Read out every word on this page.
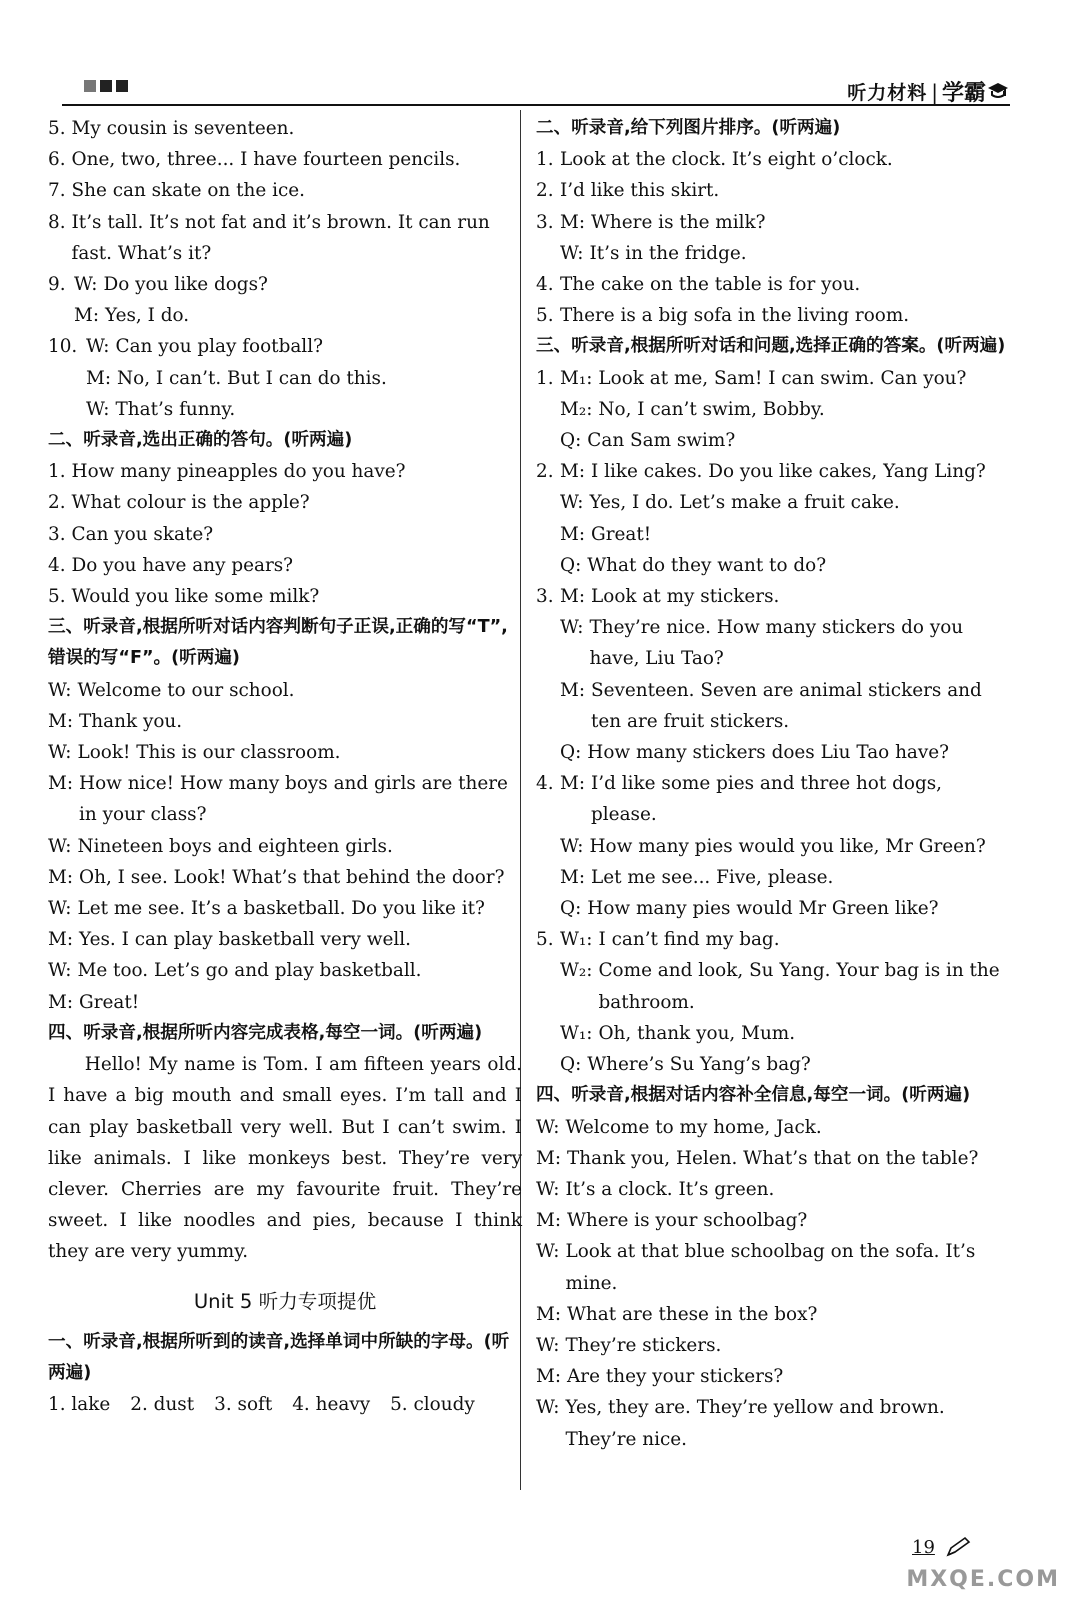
听力材料 | 学霸
5. My cousin is seventeen.
6. One, two, three... I have fourteen pencils.
7. She can skate on the ice.
8. It’s tall. It’s not fat and it’s brown. It can run fast. What’s it?
9. W: Do you like dogs?
M: Yes, I do.
10. W: Can you play football?
M: No, I can’t. But I can do this.
W: That’s funny.
二、听录音,选出正确的答句。(听两遍)
1. How many pineapples do you have?
2. What colour is the apple?
3. Can you skate?
4. Do you have any pears?
5. Would you like some milk?
三、听录音,根据所听对话内容判断句子正误,正确的写“T”,错误的写“F”。(听两遍)
W: Welcome to our school.
M: Thank you.
W: Look! This is our classroom.
M: How nice! How many boys and girls are there in your class?
W: Nineteen boys and eighteen girls.
M: Oh, I see. Look! What’s that behind the door?
W: Let me see. It’s a basketball. Do you like it?
M: Yes. I can play basketball very well.
W: Me too. Let’s go and play basketball.
M: Great!
四、听录音,根据所听内容完成表格,每空一词。(听两遍)
Hello! My name is Tom. I am fifteen years old. I have a big mouth and small eyes. I’m tall and I can play basketball very well. But I can’t swim. I like animals. I like monkeys best. They’re very clever. Cherries are my favourite fruit. They’re sweet. I like noodles and pies, because I think they are very yummy.
Unit 5 听力专项提优
一、听录音,根据所听到的读音,选择单词中所缺的字母。(听两遍)
1. lake 2. dust 3. soft 4. heavy 5. cloudy
二、听录音,给下列图片排序。(听两遍)
1. Look at the clock. It’s eight o’clock.
2. I’d like this skirt.
3. M: Where is the milk?
W: It’s in the fridge.
4. The cake on the table is for you.
5. There is a big sofa in the living room.
三、听录音,根据所听对话和问题,选择正确的答案。(听两遍)
1. M₁: Look at me, Sam! I can swim. Can you?
M₂: No, I can’t swim, Bobby.
Q: Can Sam swim?
2. M: I like cakes. Do you like cakes, Yang Ling?
W: Yes, I do. Let’s make a fruit cake.
M: Great!
Q: What do they want to do?
3. M: Look at my stickers.
W: They’re nice. How many stickers do you have, Liu Tao?
M: Seventeen. Seven are animal stickers and ten are fruit stickers.
Q: How many stickers does Liu Tao have?
4. M: I’d like some pies and three hot dogs, please.
W: How many pies would you like, Mr Green?
M: Let me see... Five, please.
Q: How many pies would Mr Green like?
5. W₁: I can’t find my bag.
W₂: Come and look, Su Yang. Your bag is in the bathroom.
W₁: Oh, thank you, Mum.
Q: Where’s Su Yang’s bag?
四、听录音,根据对话内容补全信息,每空一词。(听两遍)
W: Welcome to my home, Jack.
M: Thank you, Helen. What’s that on the table?
W: It’s a clock. It’s green.
M: Where is your schoolbag?
W: Look at that blue schoolbag on the sofa. It’s mine.
M: What are these in the box?
W: They’re stickers.
M: Are they your stickers?
W: Yes, they are. They’re yellow and brown. They’re nice.
19
MXQE.COM
